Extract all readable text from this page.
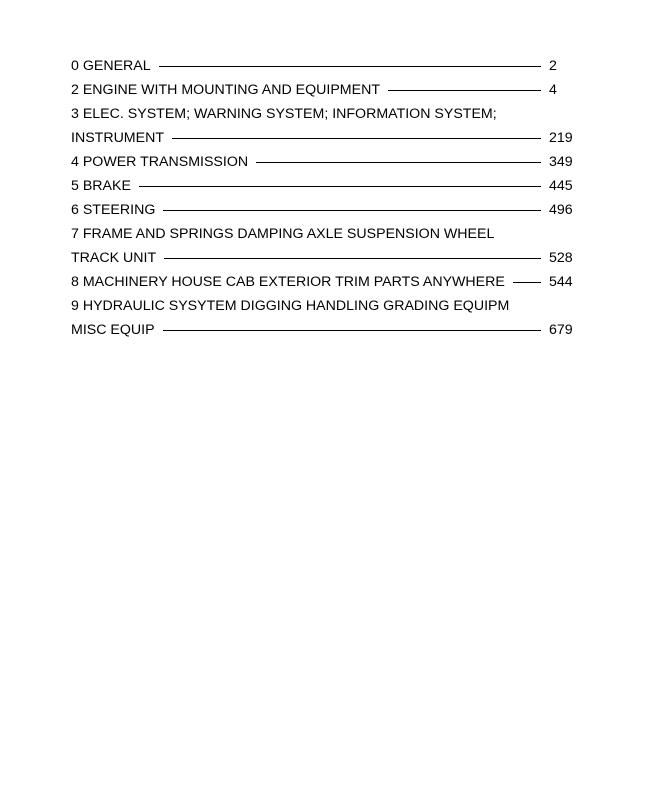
0 GENERAL	2
2 ENGINE WITH MOUNTING AND EQUIPMENT	4
3 ELEC. SYSTEM; WARNING SYSTEM; INFORMATION SYSTEM;
INSTRUMENT	219
4 POWER TRANSMISSION	349
5 BRAKE	445
6 STEERING	496
7 FRAME AND SPRINGS DAMPING AXLE SUSPENSION WHEEL
TRACK UNIT	528
8 MACHINERY HOUSE CAB EXTERIOR TRIM PARTS ANYWHERE	544
9 HYDRAULIC SYSYTEM DIGGING HANDLING GRADING EQUIPM
MISC EQUIP	679
